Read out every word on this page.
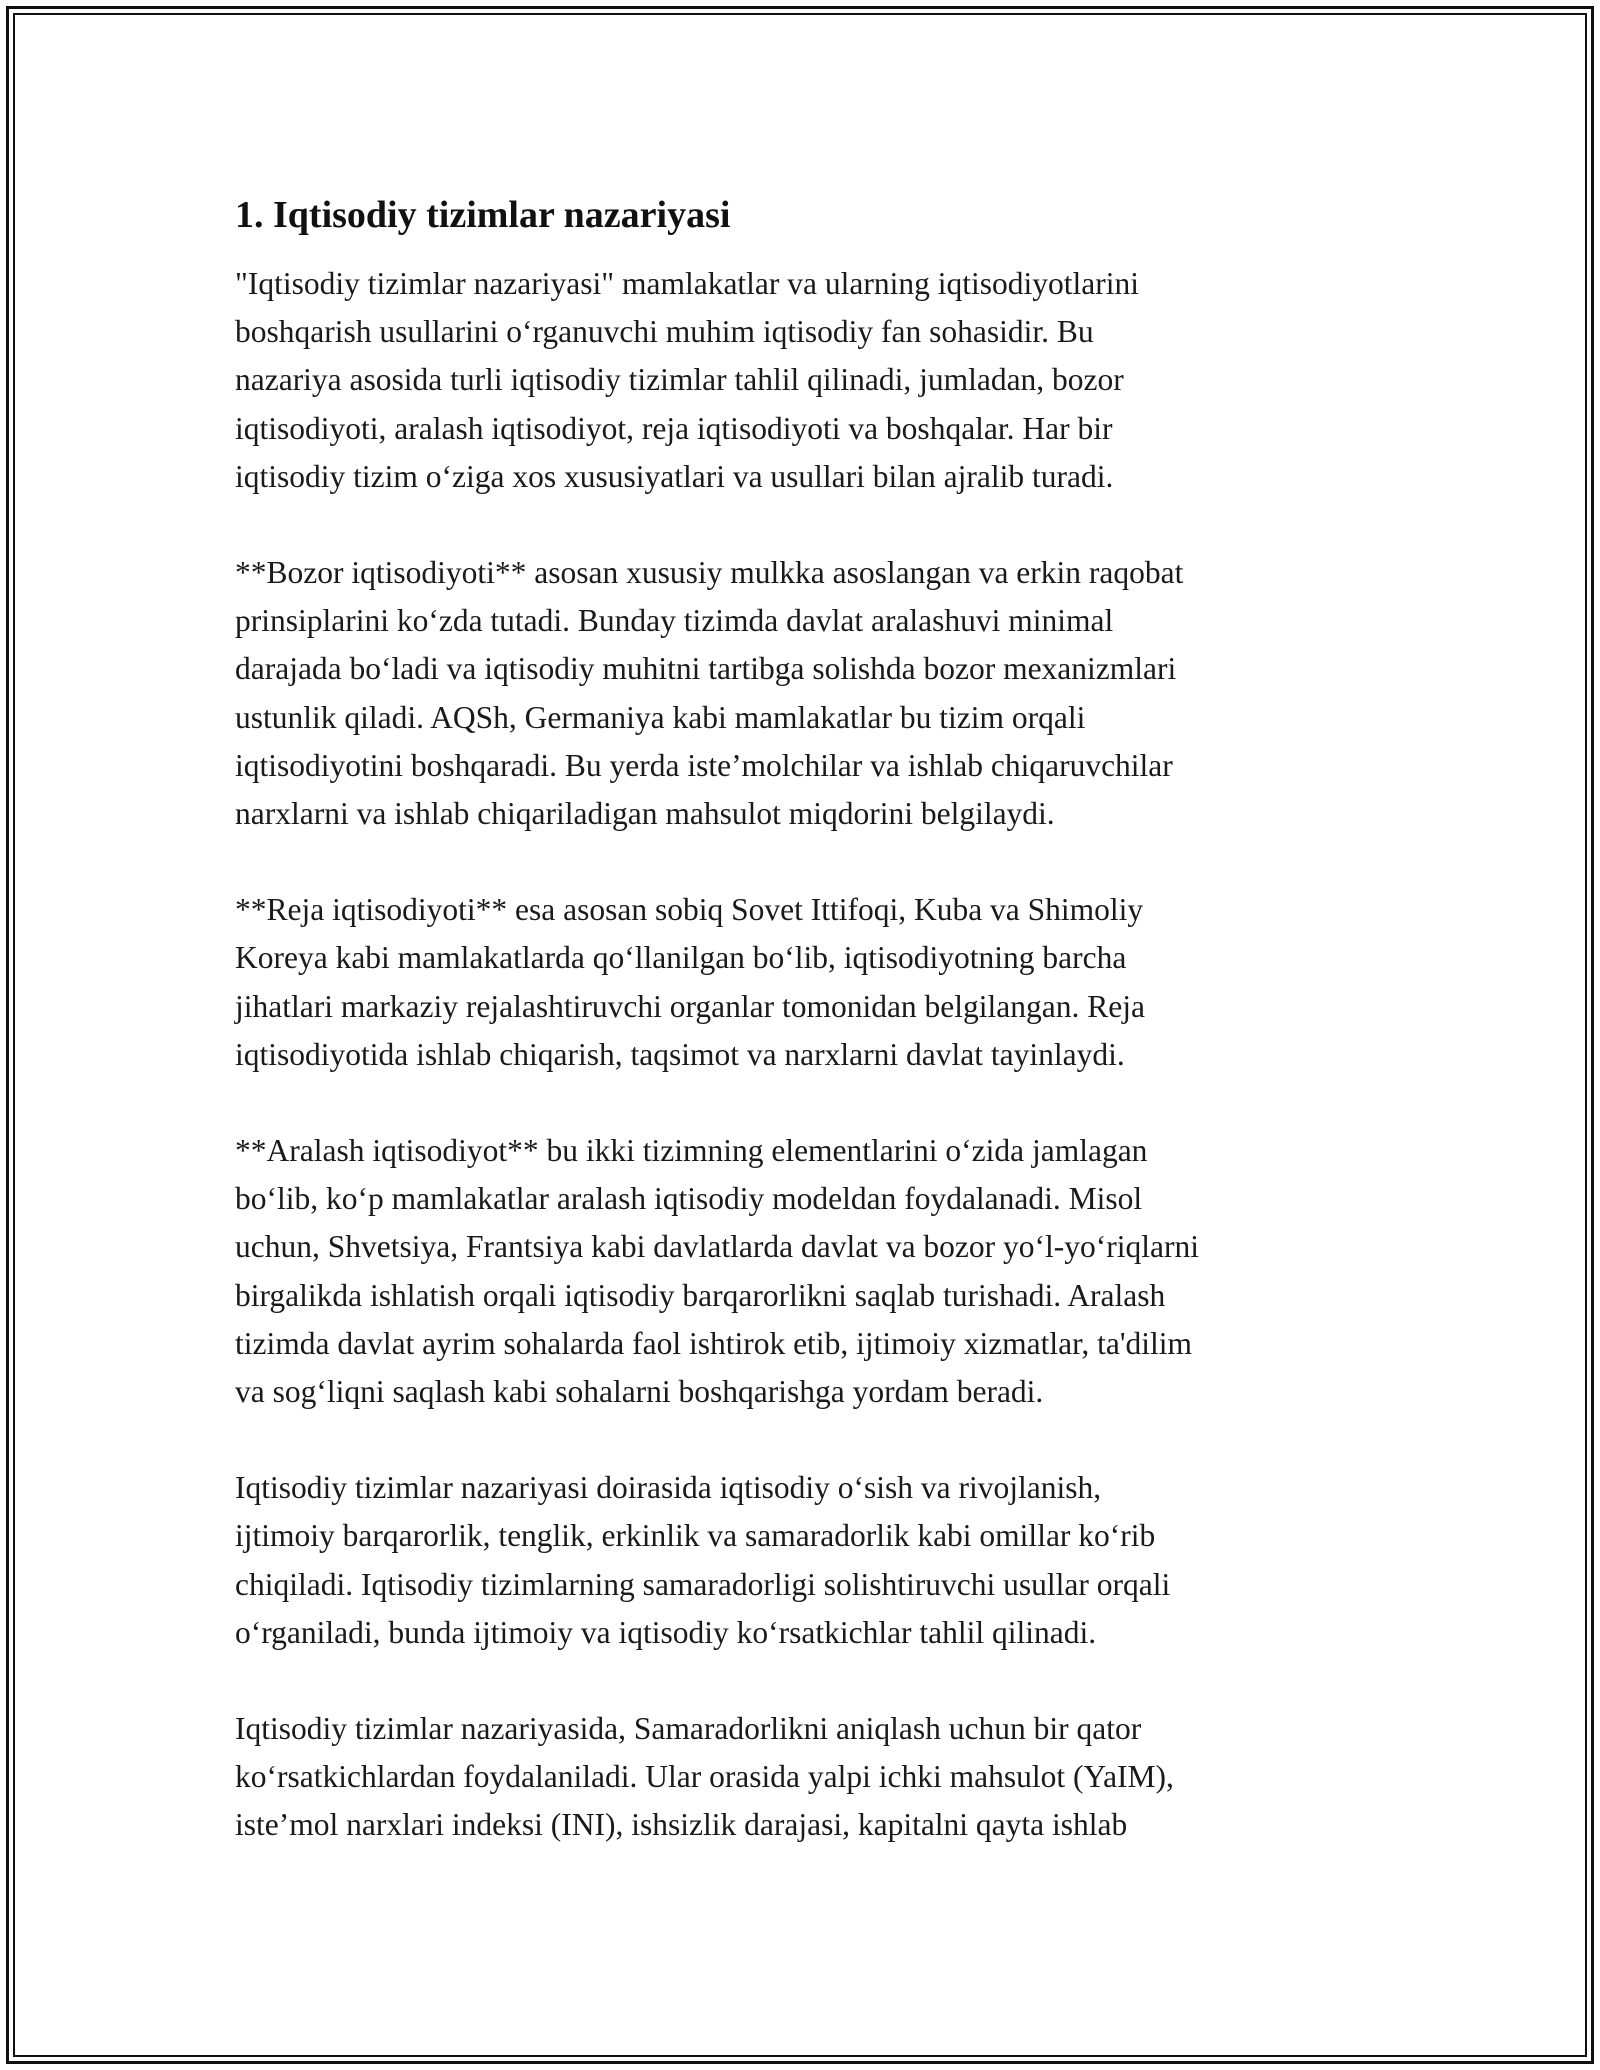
1. Iqtisodiy tizimlar nazariyasi
"Iqtisodiy tizimlar nazariyasi" mamlakatlar va ularning iqtisodiyotlarini
boshqarish usullarini oʻrganuvchi muhim iqtisodiy fan sohasidir. Bu
nazariya asosida turli iqtisodiy tizimlar tahlil qilinadi, jumladan, bozor
iqtisodiyoti, aralash iqtisodiyot, reja iqtisodiyoti va boshqalar. Har bir
iqtisodiy tizim oʻziga xos xususiyatlari va usullari bilan ajralib turadi.
**Bozor iqtisodiyoti** asosan xususiy mulkka asoslangan va erkin raqobat
prinsiplarini koʻzda tutadi. Bunday tizimda davlat aralashuvi minimal
darajada boʻladi va iqtisodiy muhitni tartibga solishda bozor mexanizmlari
ustunlik qiladi. AQSh, Germaniya kabi mamlakatlar bu tizim orqali
iqtisodiyotini boshqaradi. Bu yerda isteʼmolchilar va ishlab chiqaruvchilar
narxlarni va ishlab chiqariladigan mahsulot miqdorini belgilaydi.
**Reja iqtisodiyoti** esa asosan sobiq Sovet Ittifoqi, Kuba va Shimoliy
Koreya kabi mamlakatlarda qoʻllanilgan boʻlib, iqtisodiyotning barcha
jihatlari markaziy rejalashtiruvchi organlar tomonidan belgilangan. Reja
iqtisodiyotida ishlab chiqarish, taqsimot va narxlarni davlat tayinlaydi.
**Aralash iqtisodiyot** bu ikki tizimning elementlarini oʻzida jamlagan
boʻlib, koʻp mamlakatlar aralash iqtisodiy modeldan foydalanadi. Misol
uchun, Shvetsiya, Frantsiya kabi davlatlarda davlat va bozor yoʻl-yoʻriqlarni
birgalikda ishlatish orqali iqtisodiy barqarorlikni saqlab turishadi. Aralash
tizimda davlat ayrim sohalarda faol ishtirok etib, ijtimoiy xizmatlar, ta'dilim
va sogʻliqni saqlash kabi sohalarni boshqarishga yordam beradi.
Iqtisodiy tizimlar nazariyasi doirasida iqtisodiy oʻsish va rivojlanish,
ijtimoiy barqarorlik, tenglik, erkinlik va samaradorlik kabi omillar koʻrib
chiqiladi. Iqtisodiy tizimlarning samaradorligi solishtiruvchi usullar orqali
oʻrganiladi, bunda ijtimoiy va iqtisodiy koʻrsatkichlar tahlil qilinadi.
Iqtisodiy tizimlar nazariyasida, Samaradorlikni aniqlash uchun bir qator
koʻrsatkichlardan foydalaniladi. Ular orasida yalpi ichki mahsulot (YaIM),
isteʼmol narxlari indeksi (INI), ishsizlik darajasi, kapitalni qayta ishlab
